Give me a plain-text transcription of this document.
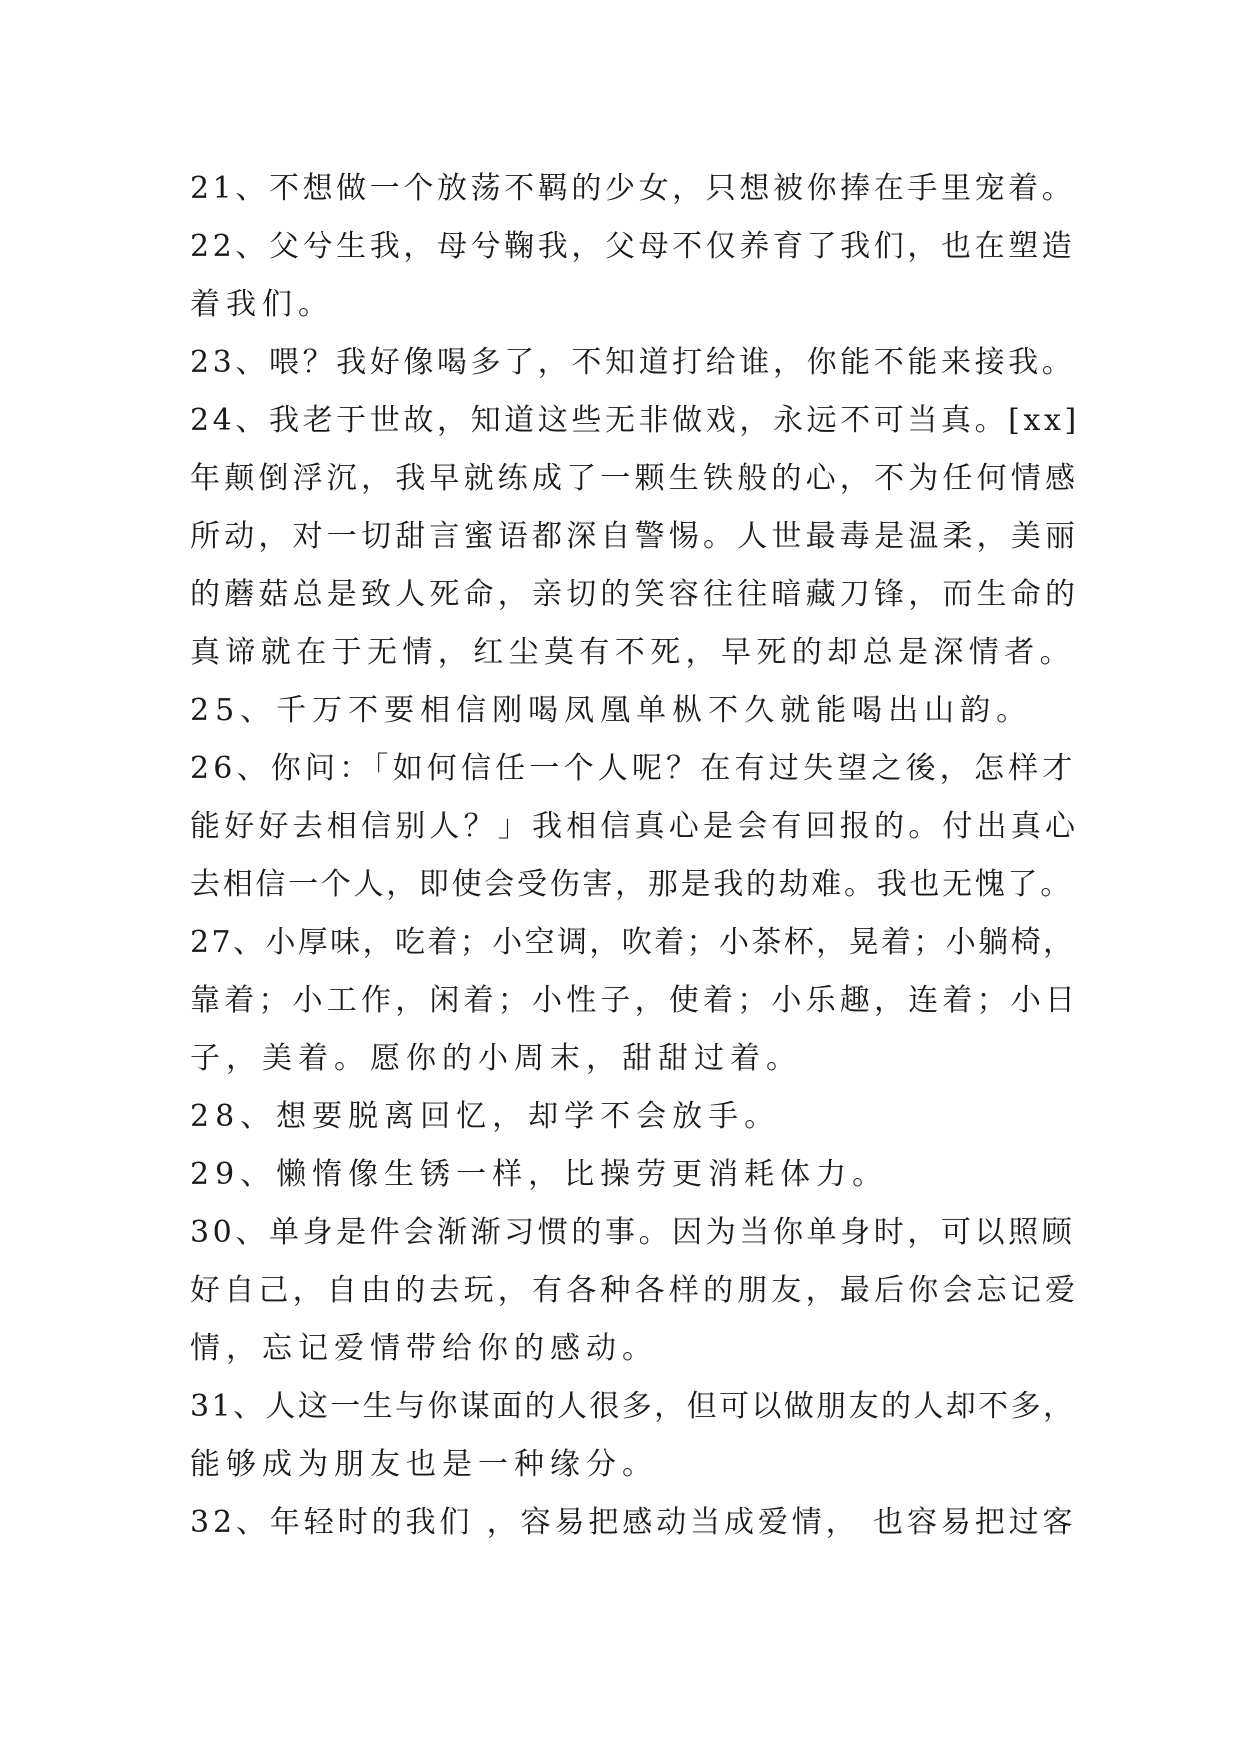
21、不想做一个放荡不羁的少女，只想被你捧在手里宠着。
22、父兮生我，母兮鞠我，父母不仅养育了我们，也在塑造
着我们。
23、喂？我好像喝多了，不知道打给谁，你能不能来接我。
24、我老于世故，知道这些无非做戏，永远不可当真。[xx]
年颠倒浮沉，我早就练成了一颗生铁般的心，不为任何情感
所动，对一切甜言蜜语都深自警惕。人世最毒是温柔，美丽
的蘑菇总是致人死命，亲切的笑容往往暗藏刀锋，而生命的
真谛就在于无情，红尘莫有不死，早死的却总是深情者。
25、千万不要相信刚喝凤凰单枞不久就能喝出山韵。
26、你问：「如何信任一个人呢？在有过失望之後，怎样才
能好好去相信别人？」我相信真心是会有回报的。付出真心
去相信一个人，即使会受伤害，那是我的劫难。我也无愧了。
27、小厚味，吃着；小空调，吹着；小茶杯，晃着；小躺椅，
靠着；小工作，闲着；小性子，使着；小乐趣，连着；小日
子，美着。愿你的小周末，甜甜过着。
28、想要脱离回忆，却学不会放手。
29、懒惰像生锈一样，比操劳更消耗体力。
30、单身是件会渐渐习惯的事。因为当你单身时，可以照顾
好自己，自由的去玩，有各种各样的朋友，最后你会忘记爱
情，忘记爱情带给你的感动。
31、人这一生与你谋面的人很多，但可以做朋友的人却不多，
能够成为朋友也是一种缘分。
32、年轻时的我们 ，容易把感动当成爱情， 也容易把过客
